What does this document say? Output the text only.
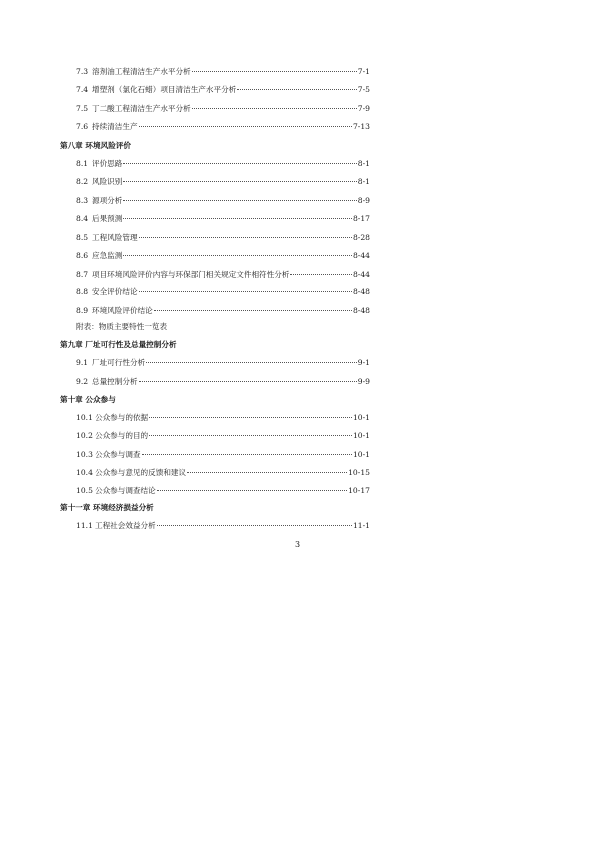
7.3 溶剂油工程清洁生产水平分析	7-1
7.4 增塑剂（氯化石蜡）项目清洁生产水平分析	7-5
7.5 丁二酸工程清洁生产水平分析	7-9
7.6 持续清洁生产	7-13
第八章 环境风险评价
8.1 评价思路	8-1
8.2 风险识别	8-1
8.3 源项分析	8-9
8.4 后果预测	8-17
8.5 工程风险管理	8-28
8.6 应急监测	8-44
8.7 项目环境风险评价内容与环保部门相关规定文件相符性分析	8-44
8.8 安全评价结论	8-48
8.9 环境风险评价结论	8-48
附表：物质主要特性一览表
第九章 厂址可行性及总量控制分析
9.1 厂址可行性分析	9-1
9.2 总量控制分析	9-9
第十章 公众参与
10.1 公众参与的依据	10-1
10.2 公众参与的目的	10-1
10.3 公众参与调查	10-1
10.4 公众参与意见的反馈和建议	10-15
10.5 公众参与调查结论	10-17
第十一章 环境经济损益分析
11.1 工程社会效益分析	11-1
3
